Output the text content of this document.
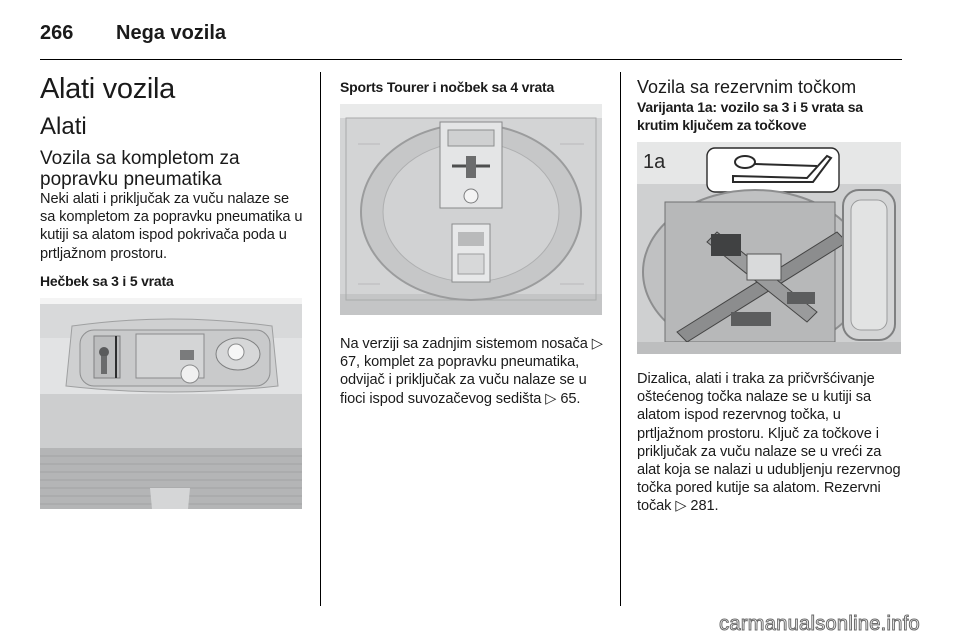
266	Nega vozila
Alati vozila
Alati
Vozila sa kompletom za popravku pneumatika
Neki alati i priključak za vuču nalaze se sa kompletom za popravku pneumatika u kutiji sa alatom ispod pokrivača poda u prtljažnom prostoru.
Hečbek sa 3 i 5 vrata
Sports Tourer i nočbek sa 4 vrata
Na verziji sa zadnjim sistemom nosača ▷ 67, komplet za popravku pneumatika, odvijač i priključak za vuču nalaze se u fioci ispod suvozačevog sedišta ▷ 65.
Vozila sa rezervnim točkom
Varijanta 1a: vozilo sa 3 i 5 vrata sa krutim ključem za točkove
1a
Dizalica, alati i traka za pričvršćivanje oštećenog točka nalaze se u kutiji sa alatom ispod rezervnog točka, u prtljažnom prostoru. Ključ za točkove i priključak za vuču nalaze se u vreći za alat koja se nalazi u udubljenju rezervnog točka pored kutije sa alatom. Rezervni točak ▷ 281.
carmanualsonline.info
